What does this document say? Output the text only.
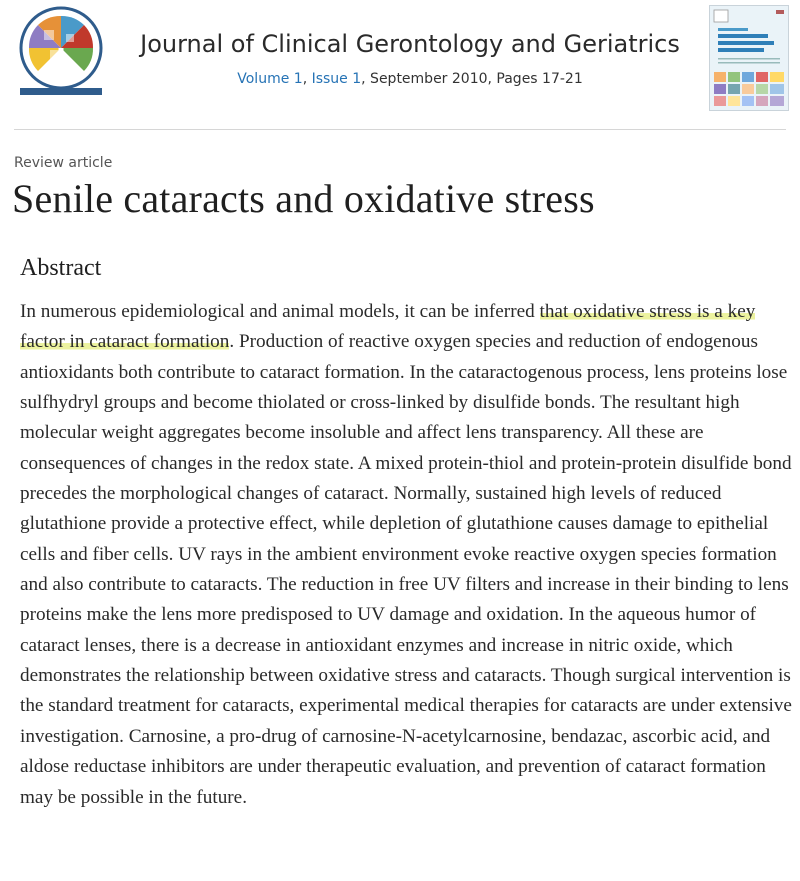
Journal of Clinical Gerontology and Geriatrics
Volume 1, Issue 1, September 2010, Pages 17-21
Review article
Senile cataracts and oxidative stress
Abstract

In numerous epidemiological and animal models, it can be inferred that oxidative stress is a key factor in cataract formation. Production of reactive oxygen species and reduction of endogenous antioxidants both contribute to cataract formation. In the cataractogenous process, lens proteins lose sulfhydryl groups and become thiolated or cross-linked by disulfide bonds. The resultant high molecular weight aggregates become insoluble and affect lens transparency. All these are consequences of changes in the redox state. A mixed protein-thiol and protein-protein disulfide bond precedes the morphological changes of cataract. Normally, sustained high levels of reduced glutathione provide a protective effect, while depletion of glutathione causes damage to epithelial cells and fiber cells. UV rays in the ambient environment evoke reactive oxygen species formation and also contribute to cataracts. The reduction in free UV filters and increase in their binding to lens proteins make the lens more predisposed to UV damage and oxidation. In the aqueous humor of cataract lenses, there is a decrease in antioxidant enzymes and increase in nitric oxide, which demonstrates the relationship between oxidative stress and cataracts. Though surgical intervention is the standard treatment for cataracts, experimental medical therapies for cataracts are under extensive investigation. Carnosine, a pro-drug of carnosine-N-acetylcarnosine, bendazac, ascorbic acid, and aldose reductase inhibitors are under therapeutic evaluation, and prevention of cataract formation may be possible in the future.
